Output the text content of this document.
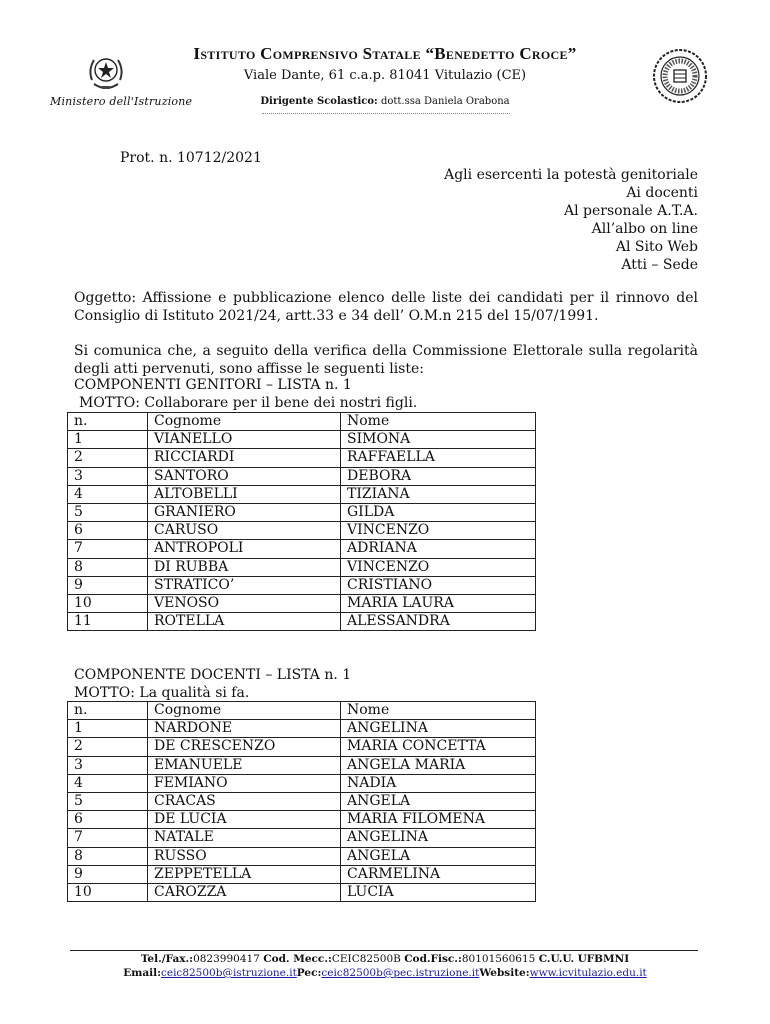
Ministero dell'Istruzione
Istituto Comprensivo Statale “Benedetto Croce”
Viale Dante, 61 c.a.p. 81041 Vitulazio (CE)
Dirigente Scolastico: dott.ssa Daniela Orabona
Prot. n. 10712/2021
Agli esercenti la potestà genitoriale
Ai docenti
Al personale A.T.A.
All’albo on line
Al Sito Web
Atti – Sede
Oggetto: Affissione e pubblicazione elenco delle liste dei candidati per il rinnovo del Consiglio di Istituto 2021/24, artt.33 e 34 dell’ O.M.n 215 del 15/07/1991.
Si comunica che, a seguito della verifica della Commissione Elettorale sulla regolarità degli atti pervenuti, sono affisse le seguenti liste:
COMPONENTI GENITORI – LISTA n. 1
MOTTO: Collaborare per il bene dei nostri figli.
n.	Cognome	Nome
1	VIANELLO	SIMONA
2	RICCIARDI	RAFFAELLA
3	SANTORO	DEBORA
4	ALTOBELLI	TIZIANA
5	GRANIERO	GILDA
6	CARUSO	VINCENZO
7	ANTROPOLI	ADRIANA
8	DI RUBBA	VINCENZO
9	STRATICO’	CRISTIANO
10	VENOSO	MARIA LAURA
11	ROTELLA	ALESSANDRA
COMPONENTE DOCENTI – LISTA n. 1
MOTTO: La qualità si fa.
n.	Cognome	Nome
1	NARDONE	ANGELINA
2	DE CRESCENZO	MARIA CONCETTA
3	EMANUELE	ANGELA MARIA
4	FEMIANO	NADIA
5	CRACAS	ANGELA
6	DE LUCIA	MARIA FILOMENA
7	NATALE	ANGELINA
8	RUSSO	ANGELA
9	ZEPPETELLA	CARMELINA
10	CAROZZA	LUCIA
Tel./Fax.:0823990417 Cod. Mecc.:CEIC82500B Cod.Fisc.:80101560615 C.U.U. UFBMNI
Email:ceic82500b@istruzione.itPec:ceic82500b@pec.istruzione.itWebsite:www.icvitulazio.edu.it
